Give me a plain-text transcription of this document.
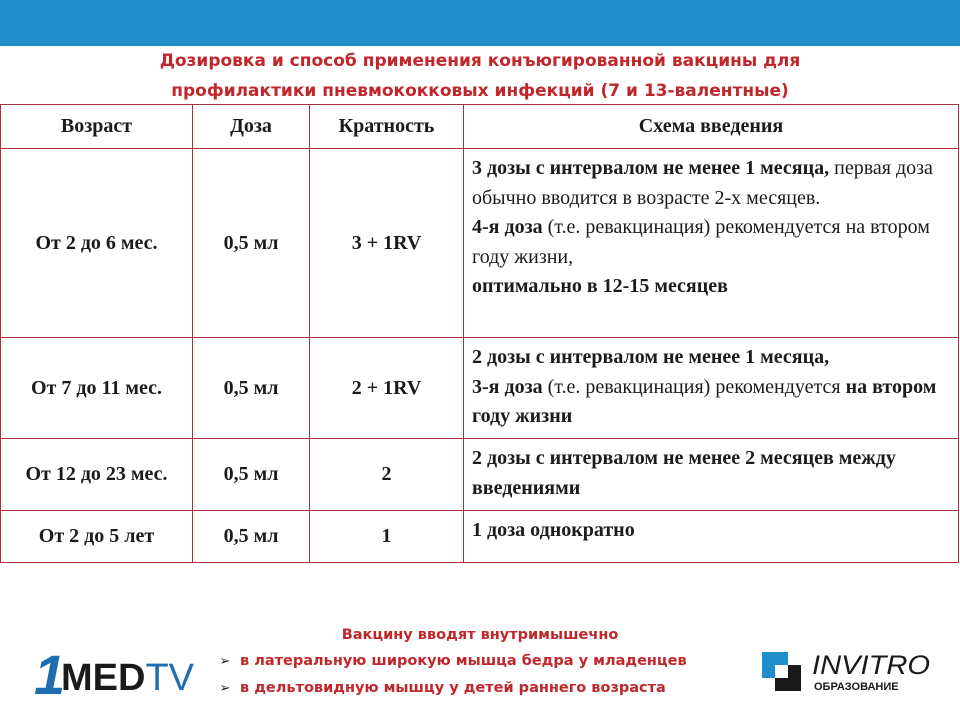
Дозировка и способ применения конъюгированной вакцины для
профилактики пневмококковых инфекций (7 и 13-валентные)
Возраст	Доза	Кратность	Схема введения
От 2 до 6 мес.	0,5 мл	3 + 1RV	3 дозы с интервалом не менее 1 месяца, первая доза обычно вводится в возрасте 2-х месяцев.
4-я доза (т.е. ревакцинация) рекомендуется на втором году жизни,
оптимально в 12-15 месяцев
От 7 до 11 мес.	0,5 мл	2 + 1RV	2 дозы с интервалом не менее 1 месяца,
3-я доза (т.е. ревакцинация) рекомендуется на втором году жизни
От 12 до 23 мес.	0,5 мл	2	2 дозы с интервалом не менее 2 месяцев между введениями
От 2 до 5 лет	0,5 мл	1	1 доза однократно
1
MEDTV
Вакцину вводят внутримышечно
➢ в латеральную широкую мышца бедра у младенцев
➢ в дельтовидную мышцу у детей раннего возраста
INVITRO
ОБРАЗОВАНИЕ
